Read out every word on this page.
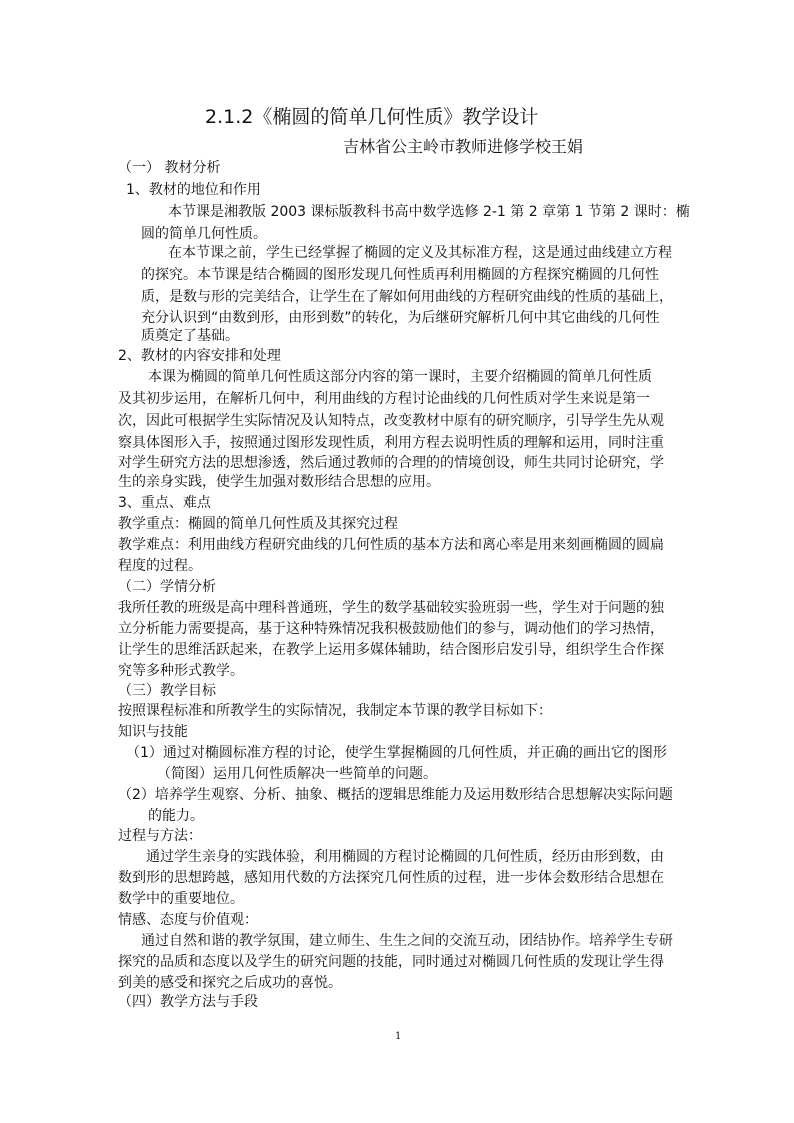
2.1.2《椭圆的简单几何性质》教学设计
吉林省公主岭市教师进修学校王娟
（一） 教材分析
1、教材的地位和作用
本节课是湘教版 2003 课标版教科书高中数学选修 2-1 第 2 章第 1 节第 2 课时：椭
圆的简单几何性质。
在本节课之前，学生已经掌握了椭圆的定义及其标准方程，这是通过曲线建立方程
的探究。本节课是结合椭圆的图形发现几何性质再利用椭圆的方程探究椭圆的几何性
质，是数与形的完美结合，让学生在了解如何用曲线的方程研究曲线的性质的基础上，
充分认识到“由数到形，由形到数”的转化，为后继研究解析几何中其它曲线的几何性
质奠定了基础。
2、教材的内容安排和处理
本课为椭圆的简单几何性质这部分内容的第一课时，主要介绍椭圆的简单几何性质
及其初步运用，在解析几何中，利用曲线的方程讨论曲线的几何性质对学生来说是第一
次，因此可根据学生实际情况及认知特点，改变教材中原有的研究顺序，引导学生先从观
察具体图形入手，按照通过图形发现性质，利用方程去说明性质的理解和运用，同时注重
对学生研究方法的思想渗透，然后通过教师的合理的的情境创设，师生共同讨论研究，学
生的亲身实践，使学生加强对数形结合思想的应用。
3、重点、难点
教学重点：椭圆的简单几何性质及其探究过程
教学难点：利用曲线方程研究曲线的几何性质的基本方法和离心率是用来刻画椭圆的圆扁
程度的过程。
（二）学情分析
我所任教的班级是高中理科普通班，学生的数学基础较实验班弱一些，学生对于问题的独
立分析能力需要提高，基于这种特殊情况我积极鼓励他们的参与，调动他们的学习热情，
让学生的思维活跃起来，在教学上运用多媒体辅助，结合图形启发引导，组织学生合作探
究等多种形式教学。
（三）教学目标
按照课程标准和所教学生的实际情况，我制定本节课的教学目标如下：
知识与技能
（1）通过对椭圆标准方程的讨论，使学生掌握椭圆的几何性质，并正确的画出它的图形
（简图）运用几何性质解决一些简单的问题。
（2）培养学生观察、分析、抽象、概括的逻辑思维能力及运用数形结合思想解决实际问题
的能力。
过程与方法：
通过学生亲身的实践体验，利用椭圆的方程讨论椭圆的几何性质，经历由形到数，由
数到形的思想跨越，感知用代数的方法探究几何性质的过程，进一步体会数形结合思想在
数学中的重要地位。
情感、态度与价值观：
通过自然和谐的教学氛围，建立师生、生生之间的交流互动，团结协作。培养学生专研
探究的品质和态度以及学生的研究问题的技能，同时通过对椭圆几何性质的发现让学生得
到美的感受和探究之后成功的喜悦。
（四）教学方法与手段
1
